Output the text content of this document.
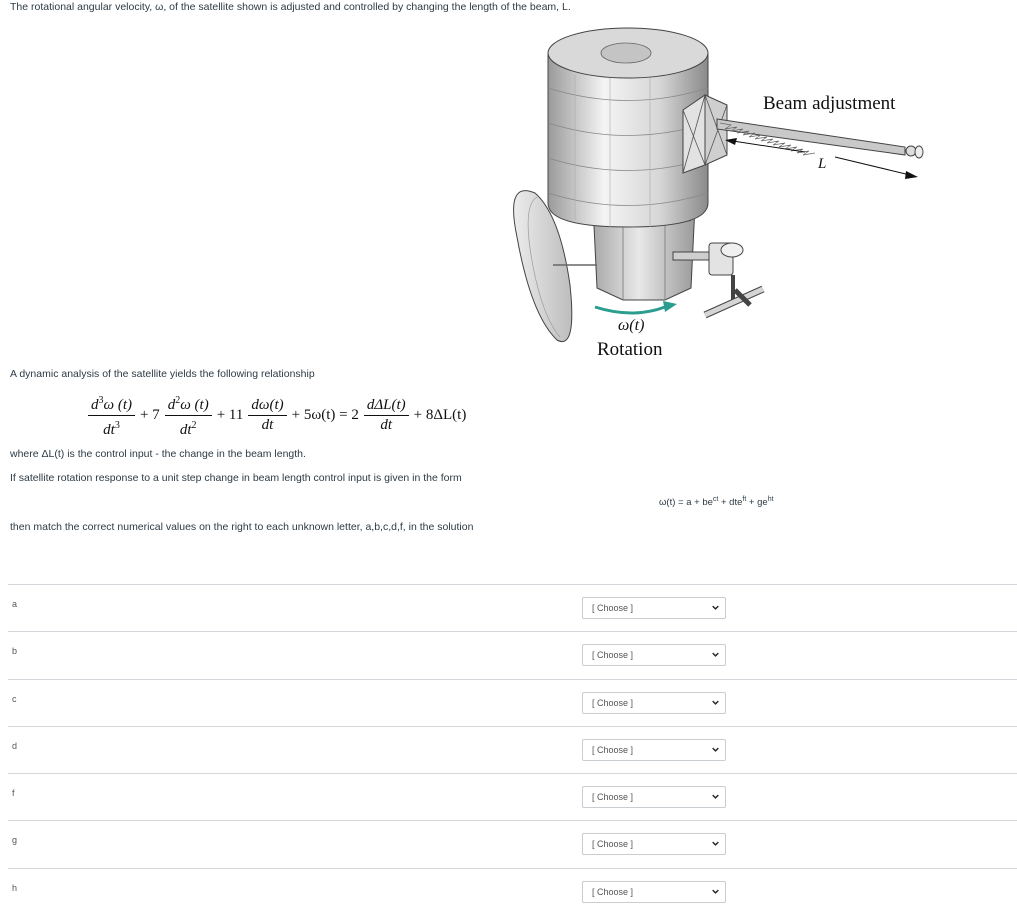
The rotational angular velocity, ω, of the satellite shown is adjusted and controlled by changing the length of the beam, L.
L
Beam adjustment
ω(t)
Rotation
A dynamic analysis of the satellite yields the following relationship
$\frac{d^3\omega (t)}{dt^3} + 7 \frac{d^2\omega (t)}{dt^2} + 11 \frac{d\omega(t)}{dt} + 5\omega(t) = 2 \frac{\text{dΔL(t)}}{dt} + 8\Delta L(t)$
where ΔL(t) is the control input - the change in the beam length.
If satellite rotation response to a unit step change in beam length control input is given in the form
$\omega(t) = a + be^{ct} + dte^{ft} + ge^{ht}$
then match the correct numerical values on the right to each unknown letter, a,b,c,d,f, in the solution
a	[ Choose ]
b	[ Choose ]
c	[ Choose ]
d	[ Choose ]
f	[ Choose ]
g	[ Choose ]
h	[ Choose ]
